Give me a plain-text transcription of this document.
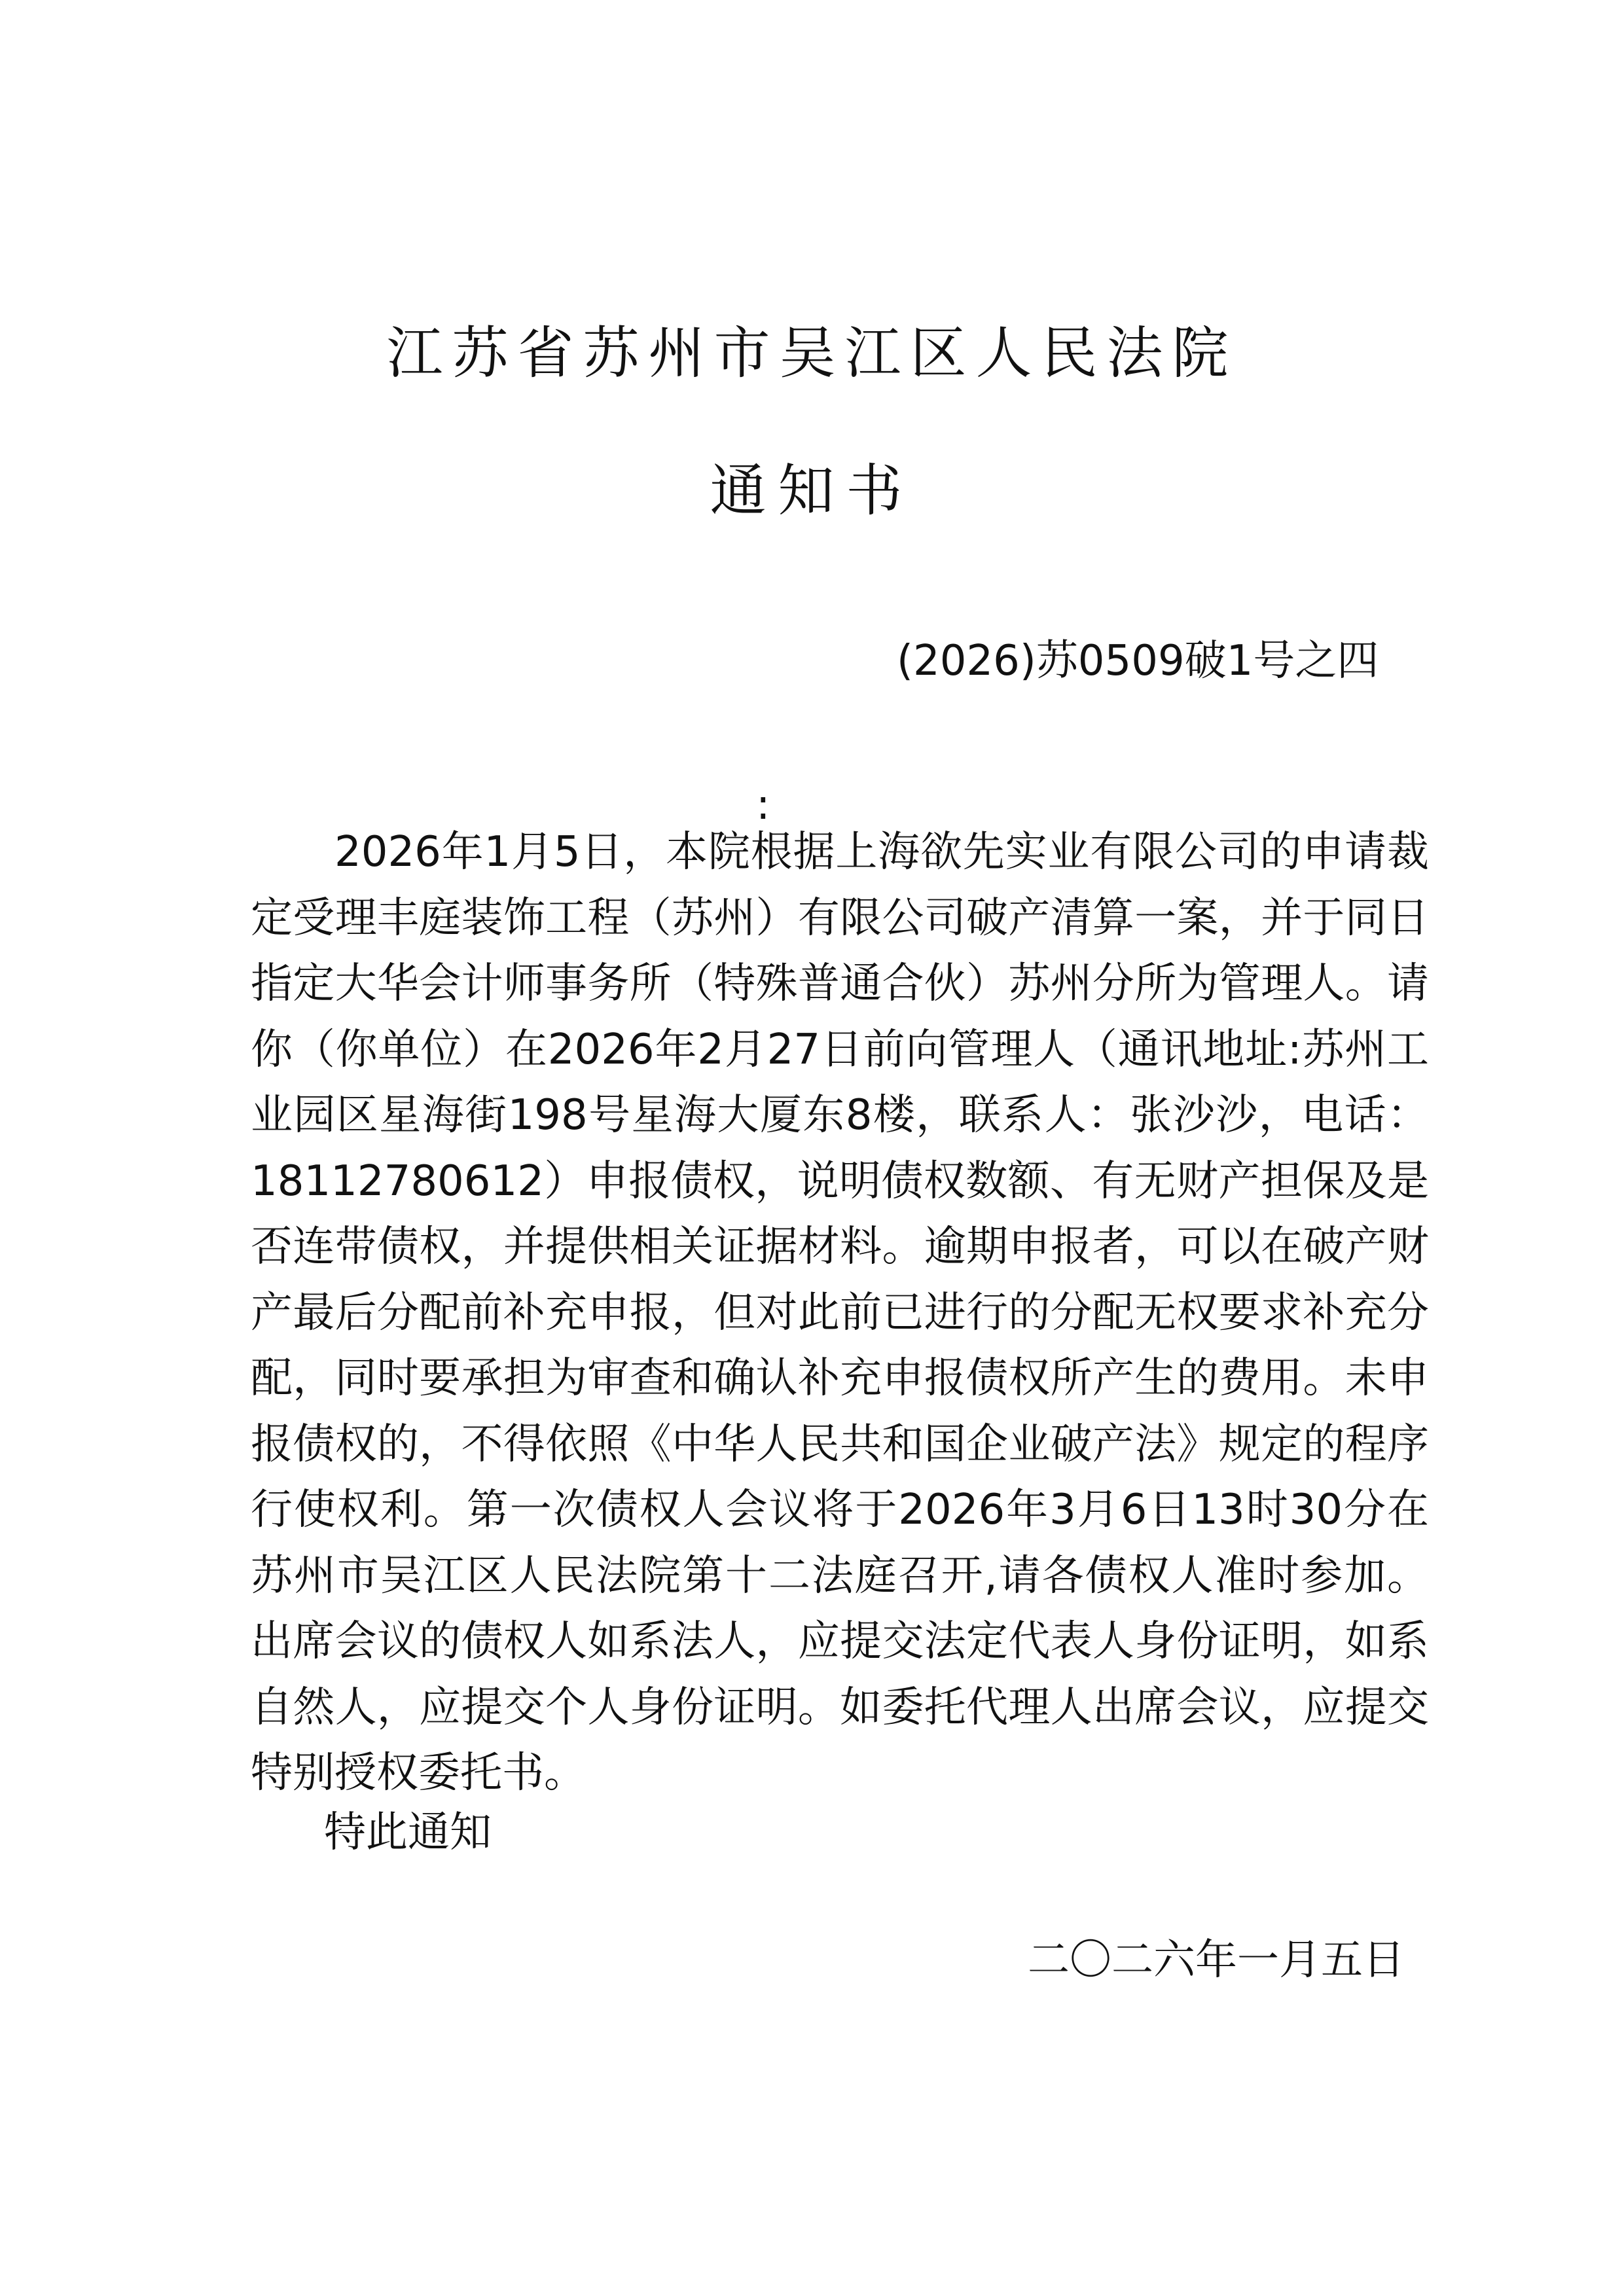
江苏省苏州市吴江区人民法院
通知书
(2026)苏0509破1号之四
:

2026年1月5日，本院根据上海欲先实业有限公司的申请裁定受理丰庭装饰工程（苏州）有限公司破产清算一案，并于同日指定大华会计师事务所（特殊普通合伙）苏州分所为管理人。请你（你单位）在2026年2月27日前向管理人（通讯地址:苏州工业园区星海街198号星海大厦东8楼，联系人：张沙沙，电话：18112780612）申报债权，说明债权数额、有无财产担保及是否连带债权，并提供相关证据材料。逾期申报者，可以在破产财产最后分配前补充申报，但对此前已进行的分配无权要求补充分配，同时要承担为审查和确认补充申报债权所产生的费用。未申报债权的，不得依照《中华人民共和国企业破产法》规定的程序行使权利。第一次债权人会议将于2026年3月6日13时30分在苏州市吴江区人民法院第十二法庭召开,请各债权人准时参加。出席会议的债权人如系法人，应提交法定代表人身份证明，如系自然人，应提交个人身份证明。如委托代理人出席会议，应提交特别授权委托书。

特此通知
二〇二六年一月五日
